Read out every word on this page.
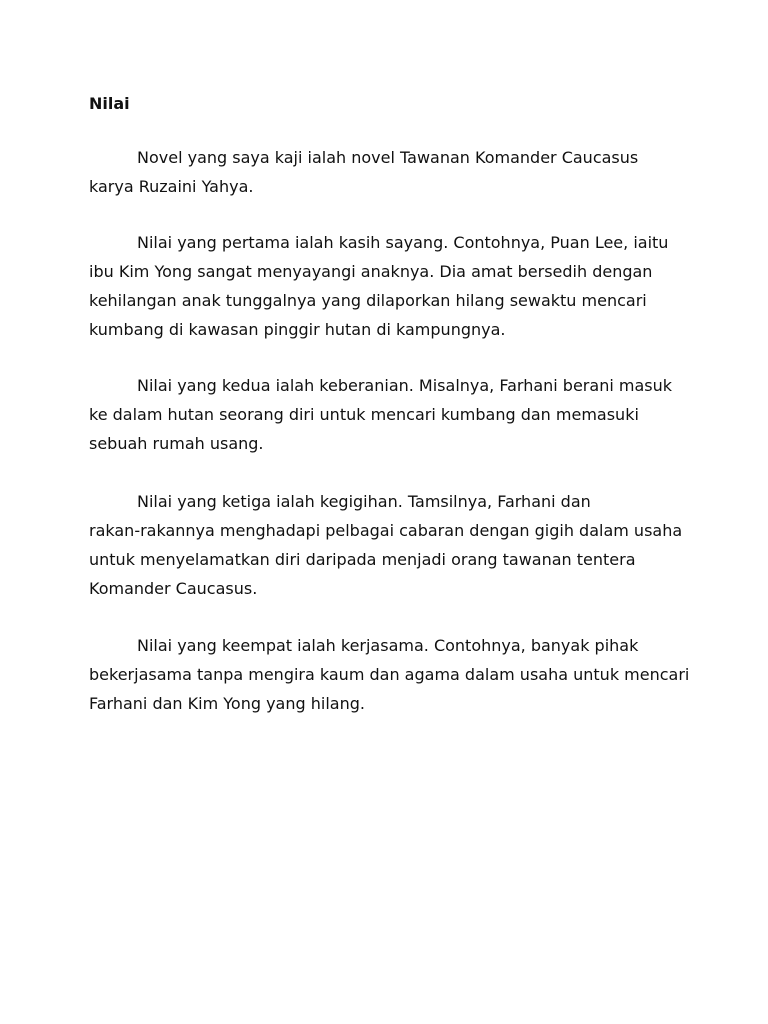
Nilai
Novel yang saya kaji ialah novel Tawanan Komander Caucasus
karya Ruzaini Yahya.
Nilai yang pertama ialah kasih sayang. Contohnya, Puan Lee, iaitu
ibu Kim Yong sangat menyayangi anaknya. Dia amat bersedih dengan
kehilangan anak tunggalnya yang dilaporkan hilang sewaktu mencari
kumbang di kawasan pinggir hutan di kampungnya.
Nilai yang kedua ialah keberanian. Misalnya, Farhani berani masuk
ke dalam hutan seorang diri untuk mencari kumbang dan memasuki
sebuah rumah usang.
Nilai yang ketiga ialah kegigihan. Tamsilnya, Farhani dan
rakan-rakannya menghadapi pelbagai cabaran dengan gigih dalam usaha
untuk menyelamatkan diri daripada menjadi orang tawanan tentera
Komander Caucasus.
Nilai yang keempat ialah kerjasama. Contohnya, banyak pihak
bekerjasama tanpa mengira kaum dan agama dalam usaha untuk mencari
Farhani dan Kim Yong yang hilang.
